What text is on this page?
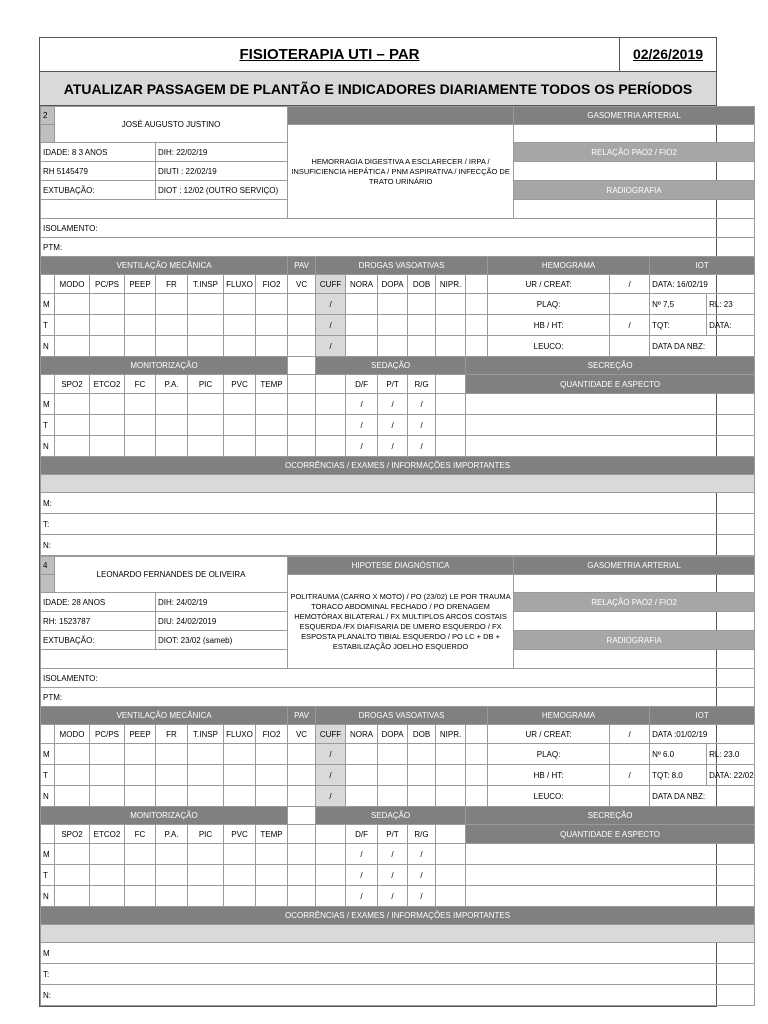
FISIOTERAPIA UTI – PAR	02/26/2019
ATUALIZAR PASSAGEM DE PLANTÃO E INDICADORES DIARIAMENTE TODOS OS PERÍODOS
2	JOSÉ AUGUSTO JUSTINO															GASOMETRIA ARTERIAL			
								HEMORRAGIA DIGESTIVA A ESCLARECER / IRPA / INSUFICIENCIA HEPÁTICA / PNM ASPIRATIVA / INFECÇÃO DE TRATO URINÁRIO											
IDADE: 8 3 ANOS				DIH: 22/02/19												RELAÇÃO PAO2 / FIO2			
RH 5145479				DIUTI : 22/02/19															
EXTUBAÇÃO:				DIOT : 12/02 (OUTRO SERVIÇO)												RADIOGRAFIA			

ISOLAMENTO:																			
PTM:																			
VENTILAÇÃO MECÂNICA								PAV	DROGAS VASOATIVAS						HEMOGRAMA			IOT	
	MODO	PC/PS	PEEP	FR	T.INSP	FLUXO	FIO2	VC	CUFF	NORA	DOPA	DOB	NIPR.		UR / CREAT:		/	DATA: 16/02/19	
M									/						PLAQ:			Nº 7,5	RL: 23
T									/						HB / HT:		/	TQT:	DATA:
N									/						LEUCO:			DATA DA NBZ:	
MONITORIZAÇÃO									SEDAÇÃO					SECREÇÃO					
	SPO2	ETCO2	FC	P.A.	PIC	PVC	TEMP			D/F	P/T	R/G		QUANTIDADE E ASPECTO					
M										/	/	/							
T										/	/	/							
N										/	/	/							
OCORRÊNCIAS / EXAMES / INFORMAÇÕES IMPORTANTES																			

M:																			
T:																			
N:																			
4	LEONARDO FERNANDES DE OLIVEIRA							HIPOTESE DIAGNÓSTICA								GASOMETRIA ARTERIAL			
								POLITRAUMA (CARRO X MOTO) / PO (23/02) LE POR TRAUMA TORACO ABDOMINAL FECHADO / PO DRENAGEM HEMOTÓRAX BILATERAL / FX MULTIPLOS ARCOS COSTAIS ESQUERDA /FX DIAFISARIA DE UMERO ESQUERDO / FX ESPOSTA PLANALTO TIBIAL ESQUERDO / PO LC + DB + ESTABILIZAÇÃO JOELHO ESQUERDO											
IDADE: 28 ANOS				DIH: 24/02/19												RELAÇÃO PAO2 / FIO2			
RH: 1523787				DIU: 24/02/2019															
EXTUBAÇÃO:				DIOT: 23/02 (sameb)												RADIOGRAFIA			

ISOLAMENTO:																			
PTM:																			
VENTILAÇÃO MECÂNICA								PAV	DROGAS VASOATIVAS						HEMOGRAMA			IOT	
	MODO	PC/PS	PEEP	FR	T.INSP	FLUXO	FIO2	VC	CUFF	NORA	DOPA	DOB	NIPR.		UR / CREAT:		/	DATA :01/02/19	
M									/						PLAQ:			Nº 6.0	RL: 23.0
T									/						HB / HT:		/	TQT: 8.0	DATA: 22/02
N									/						LEUCO:			DATA DA NBZ:	
MONITORIZAÇÃO									SEDAÇÃO					SECREÇÃO					
	SPO2	ETCO2	FC	P.A.	PIC	PVC	TEMP			D/F	P/T	R/G		QUANTIDADE E ASPECTO					
M										/	/	/							
T										/	/	/							
N										/	/	/							
OCORRÊNCIAS / EXAMES / INFORMAÇÕES IMPORTANTES																			

M																			
T:																			
N:																			
